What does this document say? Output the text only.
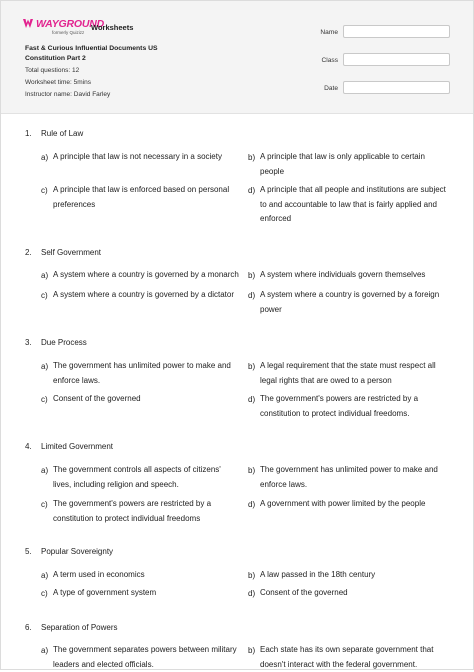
WAYGROUND
formerly Quizizz
Worksheets
Fast & Curious Influential Documents US
Constitution Part 2
Total questions: 12
Worksheet time: 5mins
Instructor name: David Farley
Name
Class
Date
1. Rule of Law
a) A principle that law is not necessary in a society	b) A principle that law is only applicable to certain
people
c) A principle that law is enforced based on personal
preferences
d) A principle that all people and institutions are subject
to and accountable to law that is fairly applied and
enforced
2. Self Government
a) A system where a country is governed by a monarch	b) A system where individuals govern themselves
c) A system where a country is governed by a dictator	d) A system where a country is governed by a foreign
power
3. Due Process
a) The government has unlimited power to make and
enforce laws.
b) A legal requirement that the state must respect all
legal rights that are owed to a person
c) Consent of the governed	d) The government's powers are restricted by a
constitution to protect individual freedoms.
4. Limited Government
a) The government controls all aspects of citizens'
lives, including religion and speech.
b) The government has unlimited power to make and
enforce laws.
c) The government's powers are restricted by a
constitution to protect individual freedoms
d) A government with power limited by the people
5. Popular Sovereignty
a) A term used in economics	b) A law passed in the 18th century
c) A type of government system	d) Consent of the governed
6. Separation of Powers
a) The government separates powers between military
leaders and elected officials.
b) Each state has its own separate government that
doesn't interact with the federal government.
